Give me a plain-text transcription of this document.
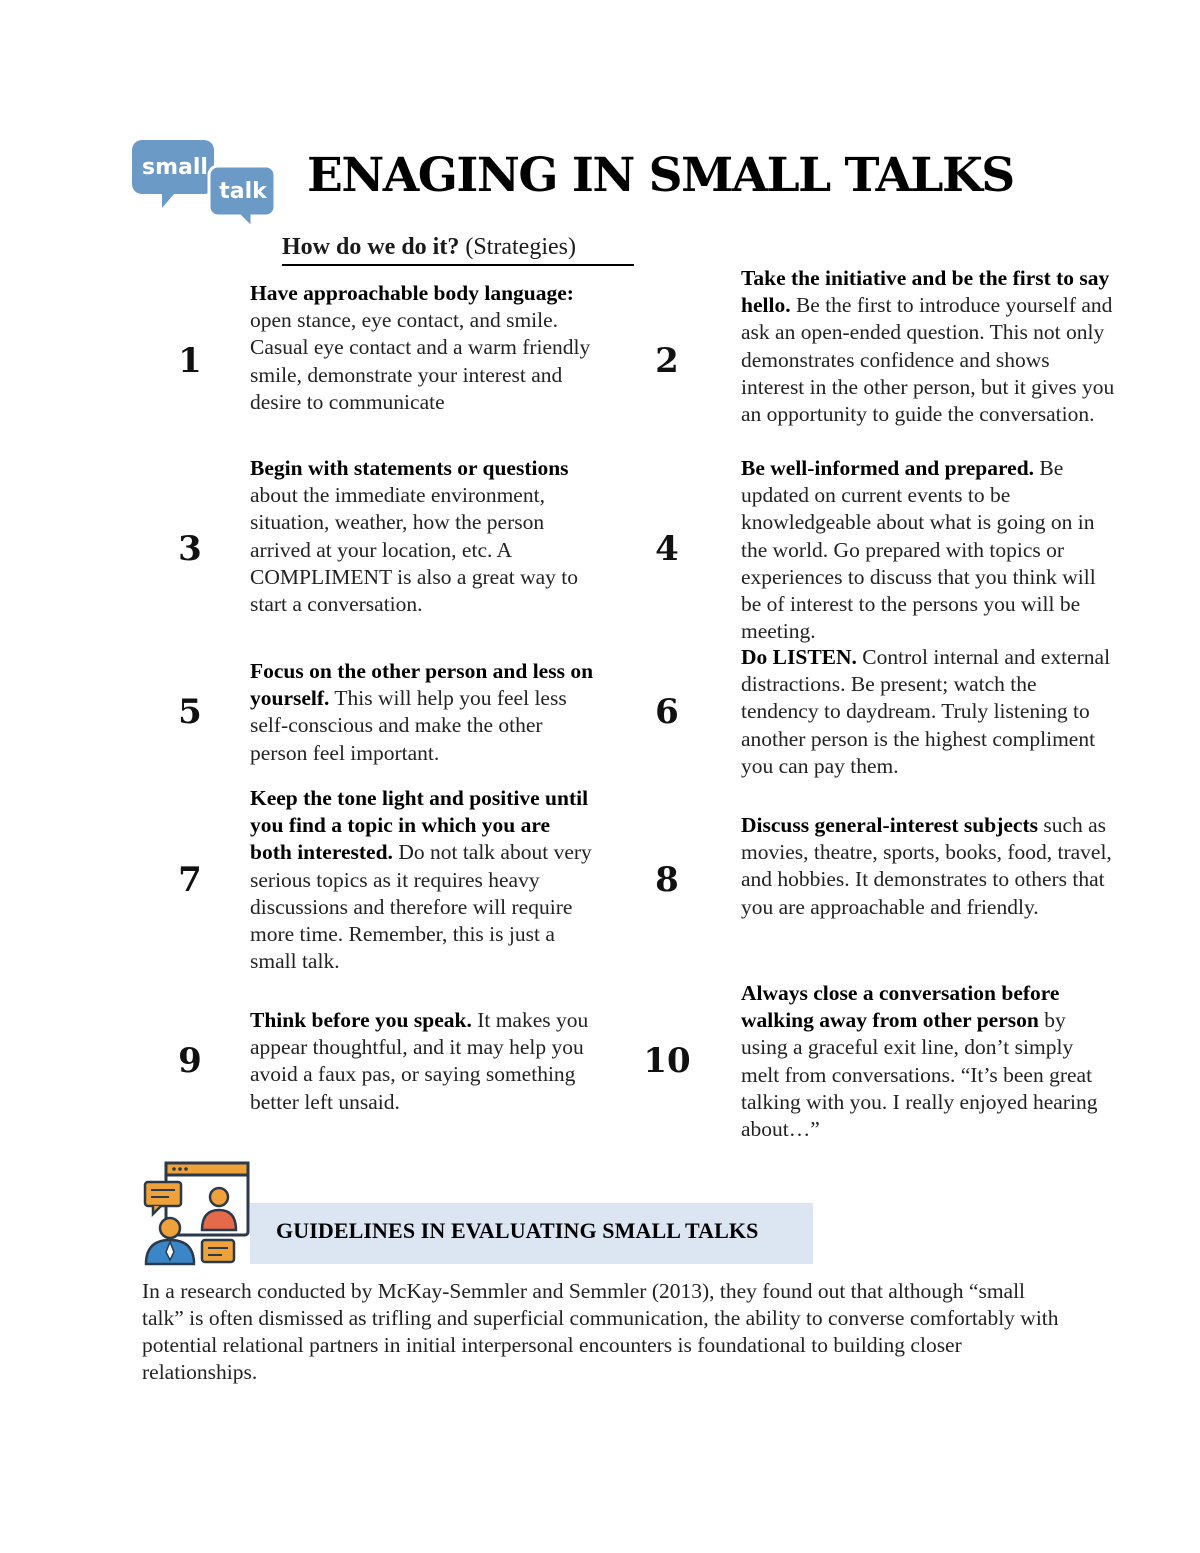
small
talk ENAGING IN SMALL TALKS
How do we do it? (Strategies)
1
3
5
7
9
2
4
6
8
10
Have approachable body language: open stance, eye contact, and smile. Casual eye contact and a warm friendly smile, demonstrate your interest and desire to communicate
Begin with statements or questions about the immediate environment, situation, weather, how the person arrived at your location, etc. A COMPLIMENT is also a great way to start a conversation.
Focus on the other person and less on yourself. This will help you feel less self-conscious and make the other person feel important.
Keep the tone light and positive until you find a topic in which you are both interested. Do not talk about very serious topics as it requires heavy discussions and therefore will require more time. Remember, this is just a small talk.
Think before you speak. It makes you appear thoughtful, and it may help you avoid a faux pas, or saying something better left unsaid.
Take the initiative and be the first to say hello. Be the first to introduce yourself and ask an open-ended question. This not only demonstrates confidence and shows interest in the other person, but it gives you an opportunity to guide the conversation.
Be well-informed and prepared. Be updated on current events to be knowledgeable about what is going on in the world. Go prepared with topics or experiences to discuss that you think will be of interest to the persons you will be meeting.
Do LISTEN. Control internal and external distractions. Be present; watch the tendency to daydream. Truly listening to another person is the highest compliment you can pay them.
Discuss general-interest subjects such as movies, theatre, sports, books, food, travel, and hobbies. It demonstrates to others that you are approachable and friendly.
Always close a conversation before walking away from other person by using a graceful exit line, don’t simply melt from conversations. “It’s been great talking with you. I really enjoyed hearing about…”
GUIDELINES IN EVALUATING SMALL TALKS

In a research conducted by McKay-Semmler and Semmler (2013), they found out that although “small talk” is often dismissed as trifling and superficial communication, the ability to converse comfortably with potential relational partners in initial interpersonal encounters is foundational to building closer relationships.
